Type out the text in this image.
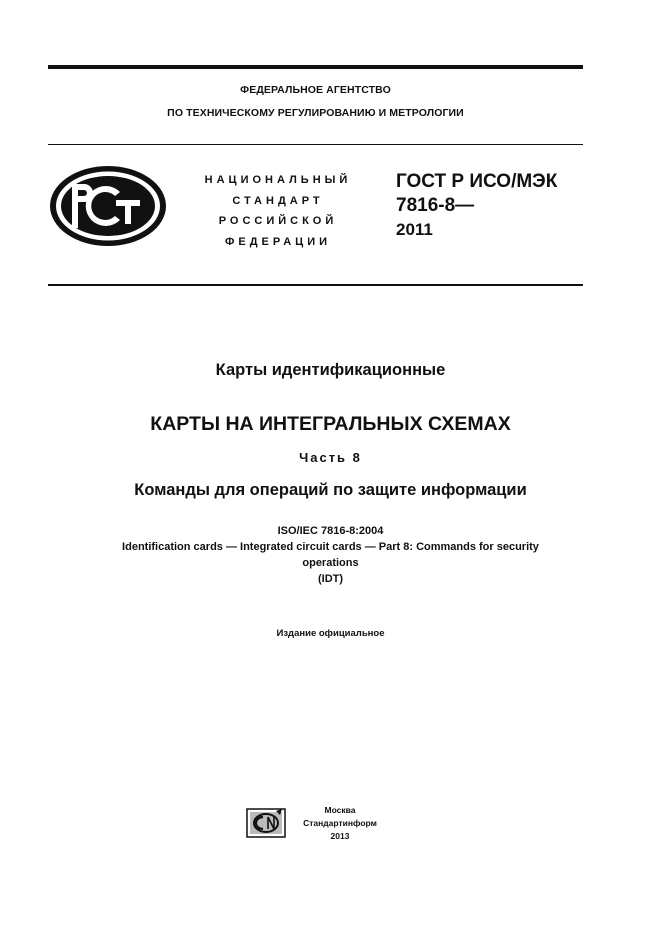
ФЕДЕРАЛЬНОЕ АГЕНТСТВО
ПО ТЕХНИЧЕСКОМУ РЕГУЛИРОВАНИЮ И МЕТРОЛОГИИ
НАЦИОНАЛЬНЫЙ
СТАНДАРТ
РОССИЙСКОЙ
ФЕДЕРАЦИИ
ГОСТ Р ИСО/МЭК
7816-8—
2011
Карты идентификационные
КАРТЫ НА ИНТЕГРАЛЬНЫХ СХЕМАХ
Часть 8
Команды для операций по защите информации
ISO/IEC 7816-8:2004
Identification cards — Integrated circuit cards — Part 8: Commands for security
operations
(IDT)
Издание официальное
Москва
Стандартинформ
2013
